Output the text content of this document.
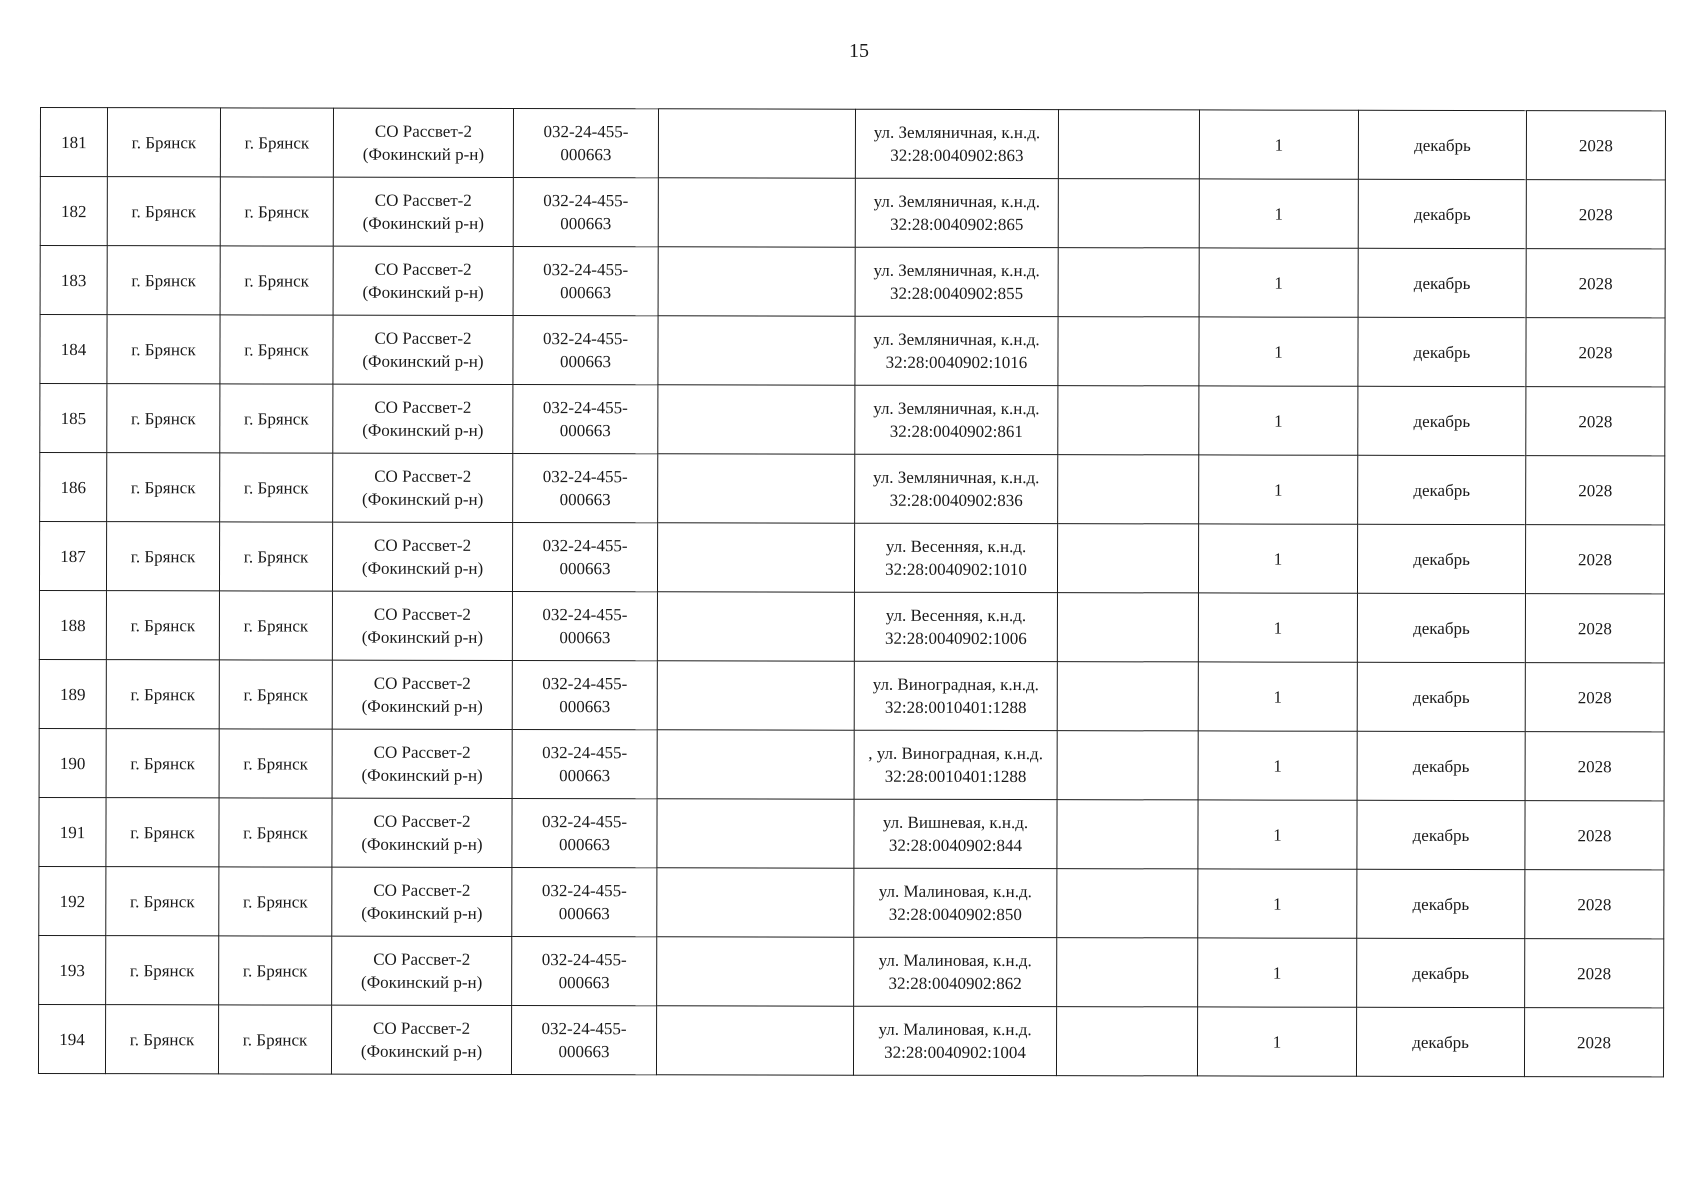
15
181	г. Брянск	г. Брянск	СО Рассвет-2
(Фокинский р-н)	032-24-455-
000663		ул. Земляничная, к.н.д.
32:28:0040902:863		1	декабрь	2028

182	г. Брянск	г. Брянск	СО Рассвет-2
(Фокинский р-н)	032-24-455-
000663		ул. Земляничная, к.н.д.
32:28:0040902:865		1	декабрь	2028

183	г. Брянск	г. Брянск	СО Рассвет-2
(Фокинский р-н)	032-24-455-
000663		ул. Земляничная, к.н.д.
32:28:0040902:855		1	декабрь	2028

184	г. Брянск	г. Брянск	СО Рассвет-2
(Фокинский р-н)	032-24-455-
000663		ул. Земляничная, к.н.д.
32:28:0040902:1016		1	декабрь	2028

185	г. Брянск	г. Брянск	СО Рассвет-2
(Фокинский р-н)	032-24-455-
000663		ул. Земляничная, к.н.д.
32:28:0040902:861		1	декабрь	2028

186	г. Брянск	г. Брянск	СО Рассвет-2
(Фокинский р-н)	032-24-455-
000663		ул. Земляничная, к.н.д.
32:28:0040902:836		1	декабрь	2028

187	г. Брянск	г. Брянск	СО Рассвет-2
(Фокинский р-н)	032-24-455-
000663		ул. Весенняя, к.н.д.
32:28:0040902:1010		1	декабрь	2028

188	г. Брянск	г. Брянск	СО Рассвет-2
(Фокинский р-н)	032-24-455-
000663		ул. Весенняя, к.н.д.
32:28:0040902:1006		1	декабрь	2028

189	г. Брянск	г. Брянск	СО Рассвет-2
(Фокинский р-н)	032-24-455-
000663		ул. Виноградная, к.н.д.
32:28:0010401:1288		1	декабрь	2028

190	г. Брянск	г. Брянск	СО Рассвет-2
(Фокинский р-н)	032-24-455-
000663		, ул. Виноградная, к.н.д.
32:28:0010401:1288		1	декабрь	2028

191	г. Брянск	г. Брянск	СО Рассвет-2
(Фокинский р-н)	032-24-455-
000663		ул. Вишневая, к.н.д.
32:28:0040902:844		1	декабрь	2028

192	г. Брянск	г. Брянск	СО Рассвет-2
(Фокинский р-н)	032-24-455-
000663		ул. Малиновая, к.н.д.
32:28:0040902:850		1	декабрь	2028

193	г. Брянск	г. Брянск	СО Рассвет-2
(Фокинский р-н)	032-24-455-
000663		ул. Малиновая, к.н.д.
32:28:0040902:862		1	декабрь	2028

194	г. Брянск	г. Брянск	СО Рассвет-2
(Фокинский р-н)	032-24-455-
000663		ул. Малиновая, к.н.д.
32:28:0040902:1004		1	декабрь	2028
